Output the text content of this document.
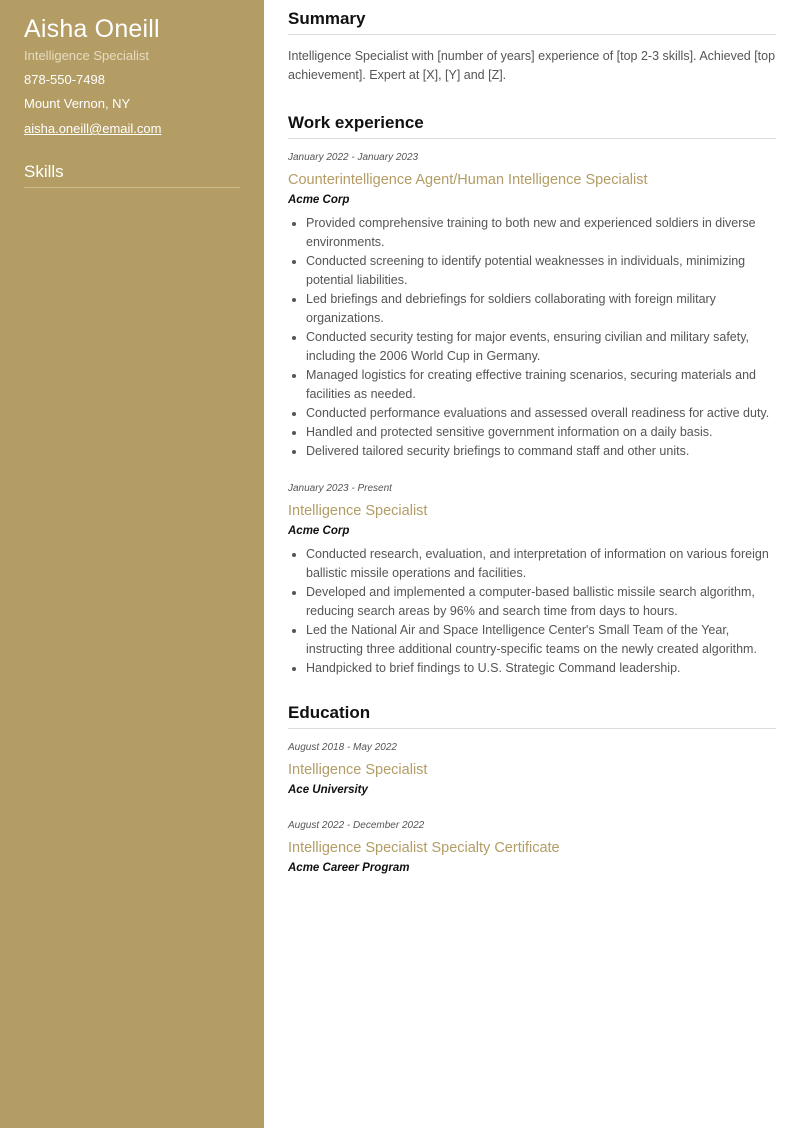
Aisha Oneill
Intelligence Specialist
878-550-7498
Mount Vernon, NY
aisha.oneill@email.com
Skills
Summary
Intelligence Specialist with [number of years] experience of [top 2-3 skills]. Achieved [top achievement]. Expert at [X], [Y] and [Z].
Work experience
January 2022 - January 2023
Counterintelligence Agent/Human Intelligence Specialist
Acme Corp
• Provided comprehensive training to both new and experienced soldiers in diverse environments.
• Conducted screening to identify potential weaknesses in individuals, minimizing potential liabilities.
• Led briefings and debriefings for soldiers collaborating with foreign military organizations.
• Conducted security testing for major events, ensuring civilian and military safety, including the 2006 World Cup in Germany.
• Managed logistics for creating effective training scenarios, securing materials and facilities as needed.
• Conducted performance evaluations and assessed overall readiness for active duty.
• Handled and protected sensitive government information on a daily basis.
• Delivered tailored security briefings to command staff and other units.
January 2023 - Present
Intelligence Specialist
Acme Corp
• Conducted research, evaluation, and interpretation of information on various foreign ballistic missile operations and facilities.
• Developed and implemented a computer-based ballistic missile search algorithm, reducing search areas by 96% and search time from days to hours.
• Led the National Air and Space Intelligence Center's Small Team of the Year, instructing three additional country-specific teams on the newly created algorithm.
• Handpicked to brief findings to U.S. Strategic Command leadership.
Education
August 2018 - May 2022
Intelligence Specialist
Ace University
August 2022 - December 2022
Intelligence Specialist Specialty Certificate
Acme Career Program
